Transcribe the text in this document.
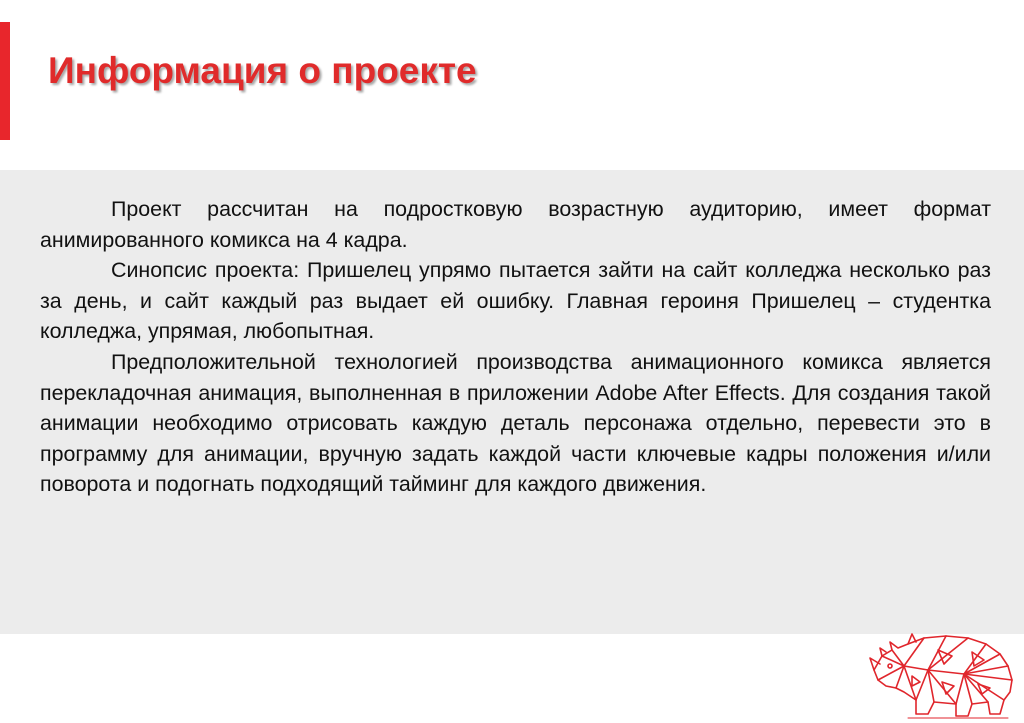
Информация о проекте

Проект рассчитан на подростковую возрастную аудиторию, имеет формат анимированного комикса на 4 кадра.

Синопсис проекта: Пришелец упрямо пытается зайти на сайт колледжа несколько раз за день, и сайт каждый раз выдает ей ошибку. Главная героиня Пришелец – студентка колледжа, упрямая, любопытная.

Предположительной технологией производства анимационного комикса является перекладочная анимация, выполненная в приложении Adobe After Effects. Для создания такой анимации необходимо отрисовать каждую деталь персонажа отдельно, перевести это в программу для анимации, вручную задать каждой части ключевые кадры положения и/или поворота и подогнать подходящий тайминг для каждого движения.
